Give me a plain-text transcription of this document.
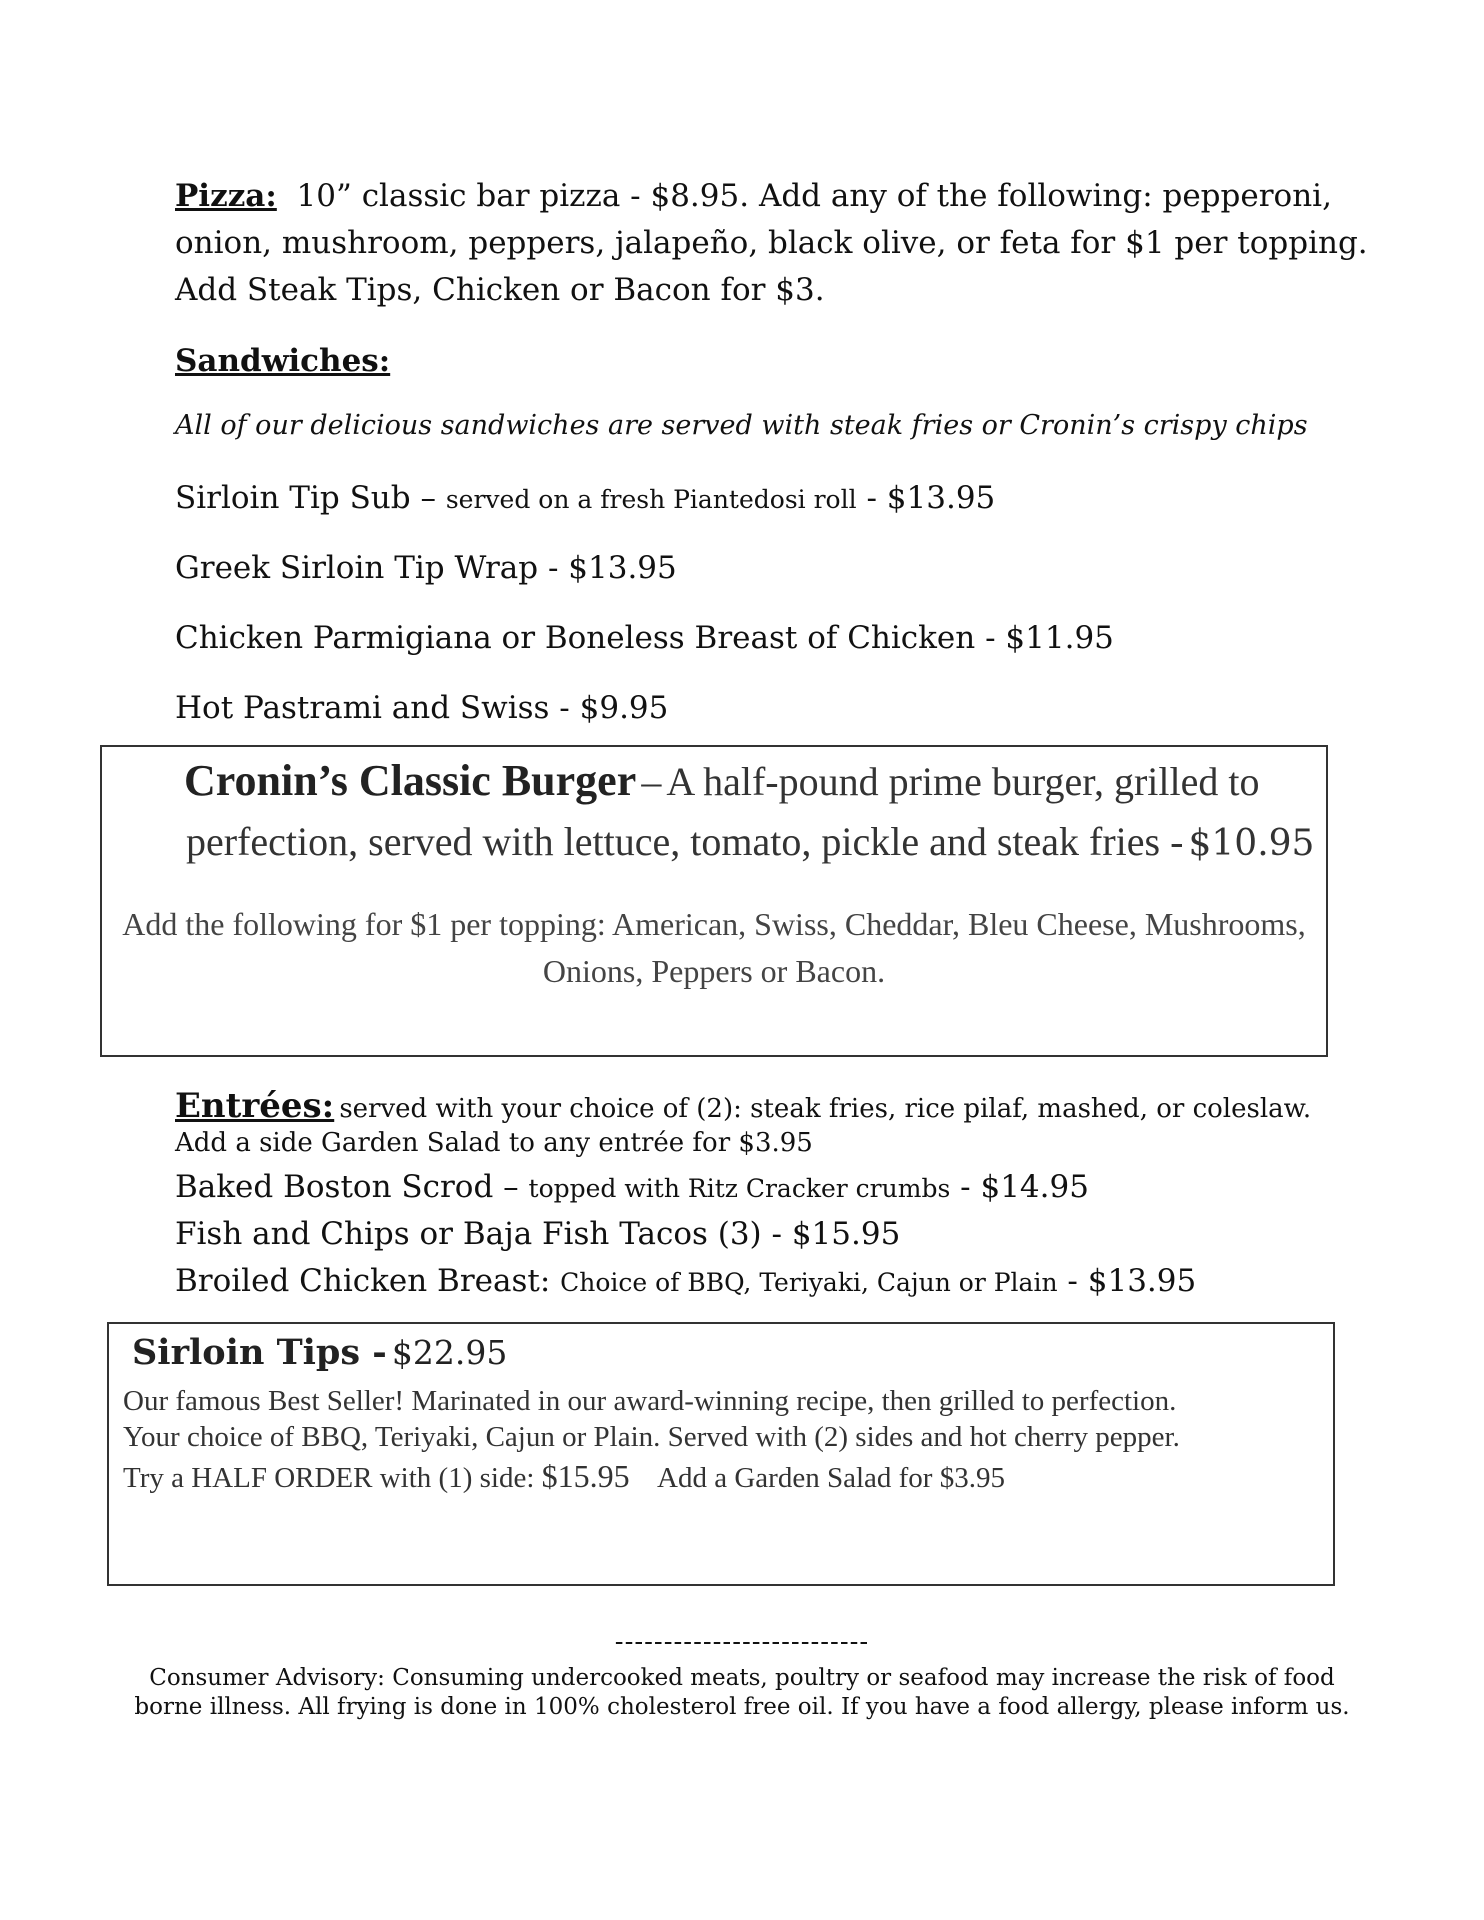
Pizza: 10” classic bar pizza - $8.95. Add any of the following: pepperoni,
onion, mushroom, peppers, jalapeño, black olive, or feta for $1 per topping.
Add Steak Tips, Chicken or Bacon for $3.
Sandwiches:
All of our delicious sandwiches are served with steak fries or Cronin’s crispy chips
Sirloin Tip Sub – served on a fresh Piantedosi roll - $13.95
Greek Sirloin Tip Wrap - $13.95
Chicken Parmigiana or Boneless Breast of Chicken - $11.95
Hot Pastrami and Swiss - $9.95
Cronin’s Classic Burger – A half-pound prime burger, grilled to
perfection, served with lettuce, tomato, pickle and steak fries - $10.95
Add the following for $1 per topping: American, Swiss, Cheddar, Bleu Cheese, Mushrooms,
Onions, Peppers or Bacon.
Entrées: served with your choice of (2): steak fries, rice pilaf, mashed, or coleslaw.
Add a side Garden Salad to any entrée for $3.95
Baked Boston Scrod – topped with Ritz Cracker crumbs - $14.95
Fish and Chips or Baja Fish Tacos (3) - $15.95
Broiled Chicken Breast: Choice of BBQ, Teriyaki, Cajun or Plain - $13.95
Sirloin Tips - $22.95
Our famous Best Seller! Marinated in our award-winning recipe, then grilled to perfection.
Your choice of BBQ, Teriyaki, Cajun or Plain. Served with (2) sides and hot cherry pepper.
Try a HALF ORDER with (1) side: $15.95 Add a Garden Salad for $3.95
--------------------------
Consumer Advisory: Consuming undercooked meats, poultry or seafood may increase the risk of food
borne illness. All frying is done in 100% cholesterol free oil. If you have a food allergy, please inform us.
